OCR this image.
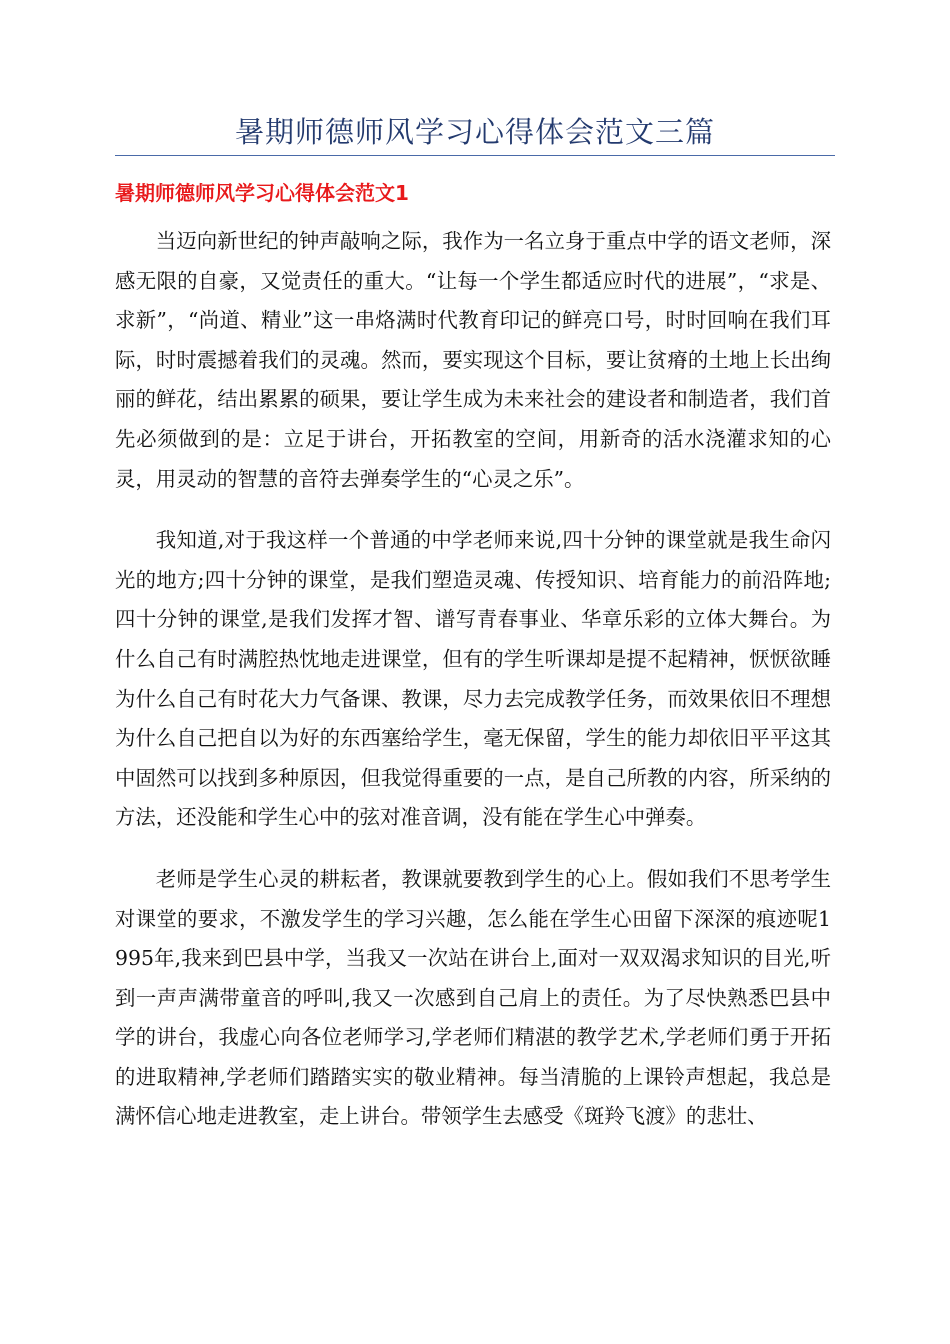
暑期师德师风学习心得体会范文三篇
暑期师德师风学习心得体会范文1

当迈向新世纪的钟声敲响之际，我作为一名立身于重点中学的语文老师，深感无限的自豪，又觉责任的重大。“让每一个学生都适应时代的进展”，“求是、求新”，“尚道、精业”这一串烙满时代教育印记的鲜亮口号，时时回响在我们耳际，时时震撼着我们的灵魂。然而，要实现这个目标，要让贫瘠的土地上长出绚丽的鲜花，结出累累的硕果，要让学生成为未来社会的建设者和制造者，我们首先必须做到的是：立足于讲台，开拓教室的空间，用新奇的活水浇灌求知的心灵，用灵动的智慧的音符去弹奏学生的“心灵之乐”。

我知道,对于我这样一个普通的中学老师来说,四十分钟的课堂就是我生命闪光的地方;四十分钟的课堂，是我们塑造灵魂、传授知识、培育能力的前沿阵地;四十分钟的课堂,是我们发挥才智、谱写青春事业、华章乐彩的立体大舞台。为什么自己有时满腔热忱地走进课堂，但有的学生听课却是提不起精神，恹恹欲睡为什么自己有时花大力气备课、教课，尽力去完成教学任务，而效果依旧不理想为什么自己把自以为好的东西塞给学生，毫无保留，学生的能力却依旧平平这其中固然可以找到多种原因，但我觉得重要的一点，是自己所教的内容，所采纳的方法，还没能和学生心中的弦对准音调，没有能在学生心中弹奏。

老师是学生心灵的耕耘者，教课就要教到学生的心上。假如我们不思考学生对课堂的要求，不激发学生的学习兴趣，怎么能在学生心田留下深深的痕迹呢1995年,我来到巴县中学，当我又一次站在讲台上,面对一双双渴求知识的目光,听到一声声满带童音的呼叫,我又一次感到自己肩上的责任。为了尽快熟悉巴县中学的讲台，我虚心向各位老师学习,学老师们精湛的教学艺术,学老师们勇于开拓的进取精神,学老师们踏踏实实的敬业精神。每当清脆的上课铃声想起，我总是满怀信心地走进教室，走上讲台。带领学生去感受《斑羚飞渡》的悲壮、
